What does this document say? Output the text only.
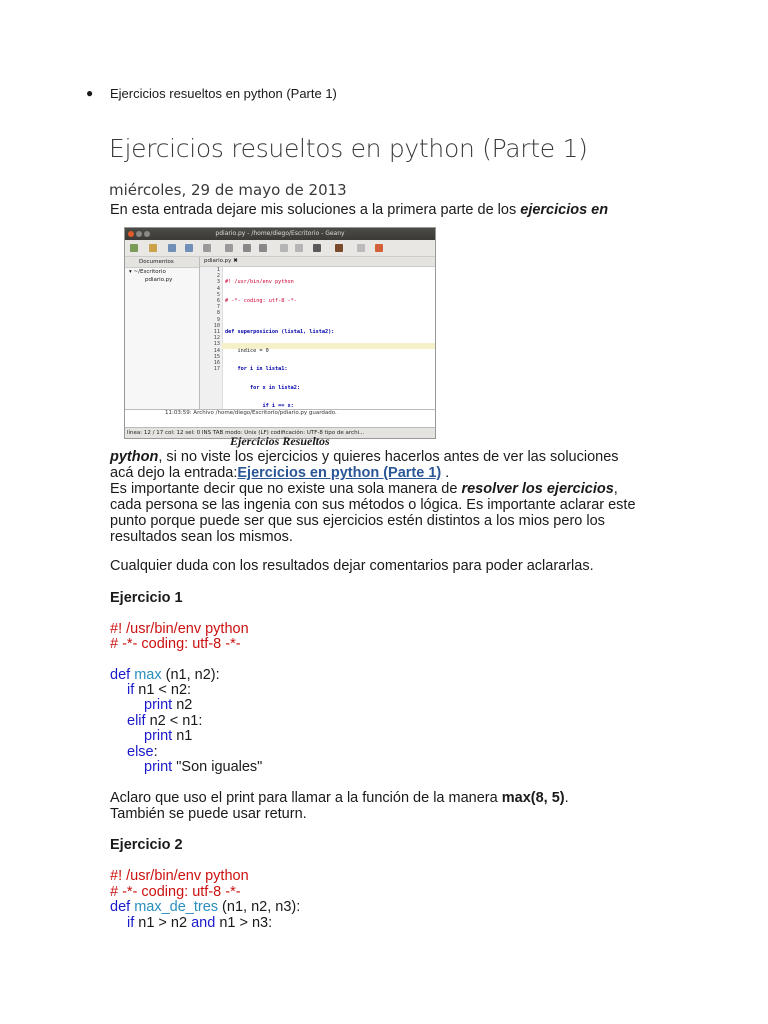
● Ejercicios resueltos en python (Parte 1)
Ejercicios resueltos en python (Parte 1)
miércoles, 29 de mayo de 2013
En esta entrada dejare mis soluciones a la primera parte de los ejercicios en
pdiario.py - /home/diego/Escritorio - Geany
Documentos
▾ ~/Escritorio
pdiario.py
pdiario.py ✖
1
2
3
4
5
6
7
8
9
10
11
12
13
14
15
16
17

#! /usr/bin/env python

# -*- coding: utf-8 -*-

def superposicion (lista1, lista2):

indice = 0

for i in lista1:

for x in lista2:

if i == x:

11:03:59: Archivo /home/diego/Escritorio/pdiario.py guardado.
línea: 12 / 17 col: 12 sel: 0 INS TAB modo: Unix (LF) codificación: UTF-8 tipo de archi...
Ejercicios Resueltos
python, si no viste los ejercicios y quieres hacerlos antes de ver las soluciones
acá dejo la entrada:Ejercicios en python (Parte 1) .
Es importante decir que no existe una sola manera de resolver los ejercicios,
cada persona se las ingenia con sus métodos o lógica. Es importante aclarar este
punto porque puede ser que sus ejercicios estén distintos a los mios pero los
resultados sean los mismos.
Cualquier duda con los resultados dejar comentarios para poder aclararlas.
Ejercicio 1
#! /usr/bin/env python
# -*- coding: utf-8 -*-
def max (n1, n2):
if n1 < n2:
print n2
elif n2 < n1:
print n1
else:
print "Son iguales"
Aclaro que uso el print para llamar a la función de la manera max(8, 5).
También se puede usar return.
Ejercicio 2
#! /usr/bin/env python
# -*- coding: utf-8 -*-
def max_de_tres (n1, n2, n3):
if n1 > n2 and n1 > n3:
